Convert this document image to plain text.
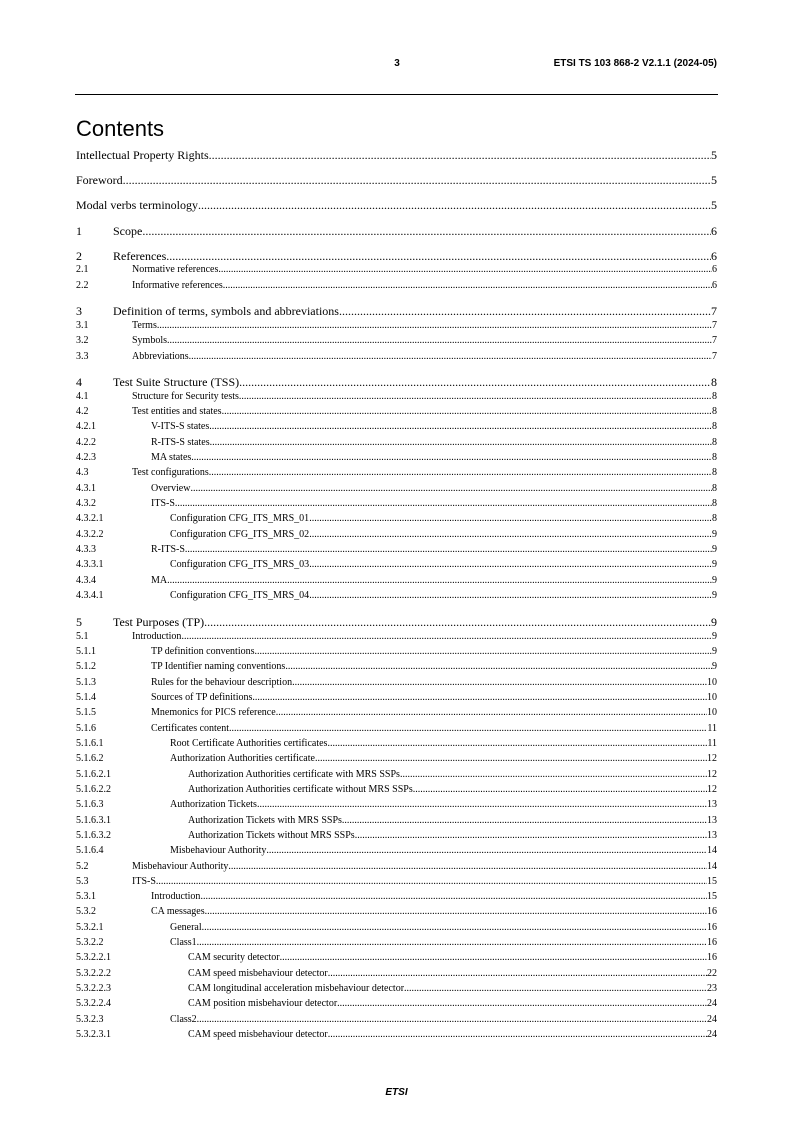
3	ETSI TS 103 868-2 V2.1.1 (2024-05)
Contents
Intellectual Property Rights .....	5
Foreword .....	5
Modal verbs terminology .....	5
1	Scope .....	6
2	References .....	6
2.1	Normative references .....	6
2.2	Informative references .....	6
3	Definition of terms, symbols and abbreviations .....	7
3.1	Terms .....	7
3.2	Symbols .....	7
3.3	Abbreviations .....	7
4	Test Suite Structure (TSS) .....	8
4.1	Structure for Security tests .....	8
4.2	Test entities and states .....	8
4.2.1	V-ITS-S states .....	8
4.2.2	R-ITS-S states .....	8
4.2.3	MA states .....	8
4.3	Test configurations .....	8
4.3.1	Overview .....	8
4.3.2	ITS-S .....	8
4.3.2.1	Configuration CFG_ITS_MRS_01 .....	8
4.3.2.2	Configuration CFG_ITS_MRS_02 .....	9
4.3.3	R-ITS-S .....	9
4.3.3.1	Configuration CFG_ITS_MRS_03 .....	9
4.3.4	MA .....	9
4.3.4.1	Configuration CFG_ITS_MRS_04 .....	9
5	Test Purposes (TP) .....	9
5.1	Introduction .....	9
5.1.1	TP definition conventions .....	9
5.1.2	TP Identifier naming conventions .....	9
5.1.3	Rules for the behaviour description .....	10
5.1.4	Sources of TP definitions .....	10
5.1.5	Mnemonics for PICS reference .....	10
5.1.6	Certificates content .....	11
5.1.6.1	Root Certificate Authorities certificates .....	11
5.1.6.2	Authorization Authorities certificate .....	12
5.1.6.2.1	Authorization Authorities certificate with MRS SSPs .....	12
5.1.6.2.2	Authorization Authorities certificate without MRS SSPs .....	12
5.1.6.3	Authorization Tickets .....	13
5.1.6.3.1	Authorization Tickets with MRS SSPs .....	13
5.1.6.3.2	Authorization Tickets without MRS SSPs .....	13
5.1.6.4	Misbehaviour Authority .....	14
5.2	Misbehaviour Authority .....	14
5.3	ITS-S .....	15
5.3.1	Introduction .....	15
5.3.2	CA messages .....	16
5.3.2.1	General .....	16
5.3.2.2	Class1 .....	16
5.3.2.2.1	CAM security detector .....	16
5.3.2.2.2	CAM speed misbehaviour detector .....	22
5.3.2.2.3	CAM longitudinal acceleration misbehaviour detector .....	23
5.3.2.2.4	CAM position misbehaviour detector .....	24
5.3.2.3	Class2 .....	24
5.3.2.3.1	CAM speed misbehaviour detector .....	24
ETSI
